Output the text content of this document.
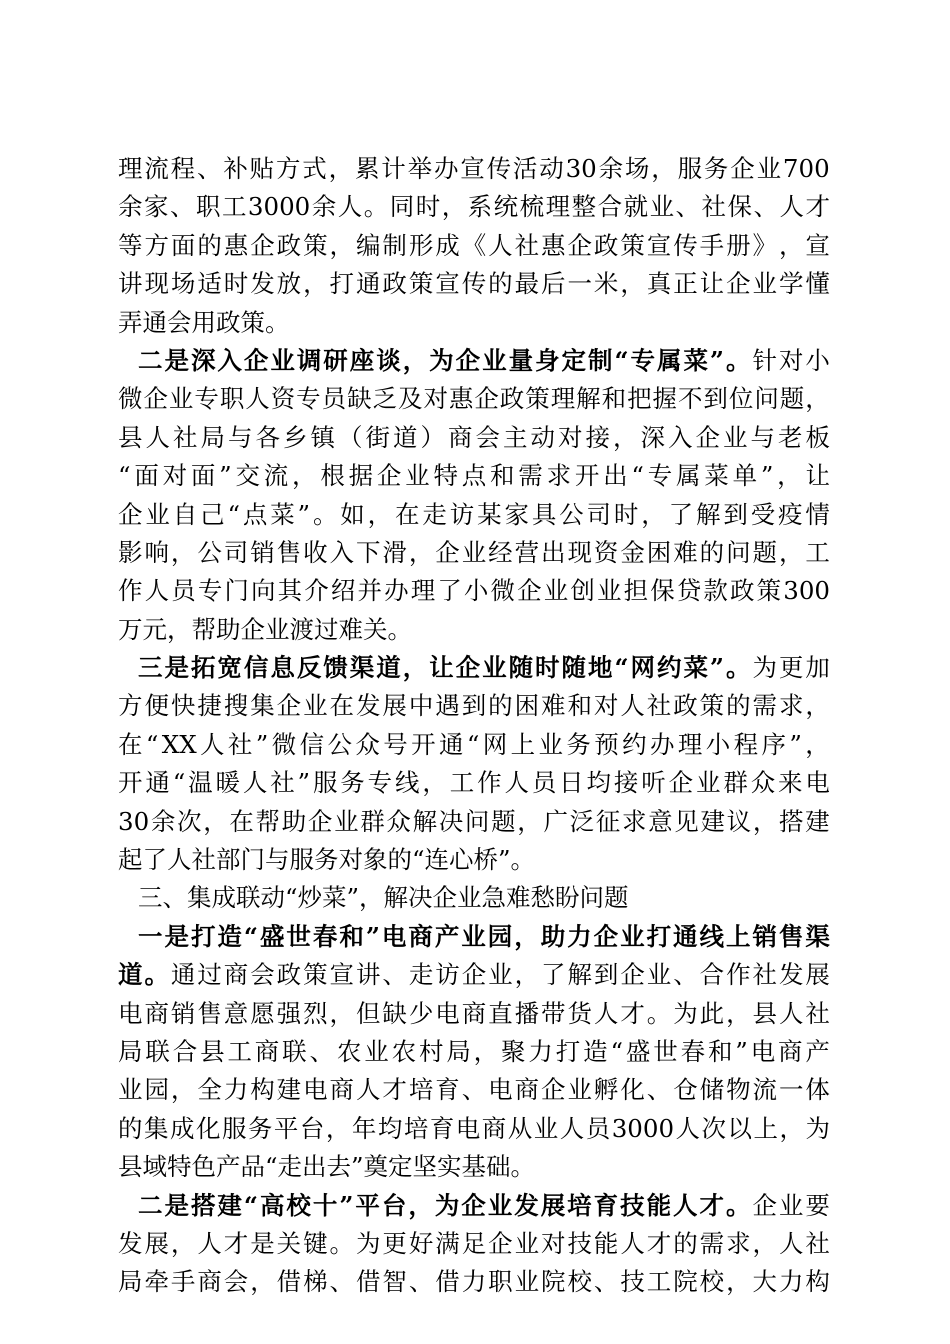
理 流 程 、 补 贴 方 式 ， 累 计 举 办 宣 传 活 动 30 余 场 ， 服 务 企 业 700
余 家 、 职 工 3000 余 人 。 同 时 ， 系 统 梳 理 整 合 就 业 、 社 保 、 人 才
等 方 面 的 惠 企 政 策 ， 编 制 形 成 《 人 社 惠 企 政 策 宣 传 手 册 》 ， 宣
讲 现 场 适 时 发 放 ， 打 通 政 策 宣 传 的 最 后 一 米 ， 真 正 让 企 业 学 懂
弄通会用政策。
二 是 深 入 企 业 调 研 座 谈 ， 为 企 业 量 身 定 制 “ 专 属 菜 ” 。 针 对 小
微 企 业 专 职 人 资 专 员 缺 乏 及 对 惠 企 政 策 理 解 和 把 握 不 到 位 问 题 ，
县 人 社 局 与 各 乡 镇 （ 街 道 ） 商 会 主 动 对 接 ， 深 入 企 业 与 老 板
“ 面 对 面 ” 交 流 ， 根 据 企 业 特 点 和 需 求 开 出 “ 专 属 菜 单 ” ， 让
企 业 自 己 “ 点 菜 ” 。 如 ， 在 走 访 某 家 具 公 司 时 ， 了 解 到 受 疫 情
影 响 ， 公 司 销 售 收 入 下 滑 ， 企 业 经 营 出 现 资 金 困 难 的 问 题 ， 工
作 人 员 专 门 向 其 介 绍 并 办 理 了 小 微 企 业 创 业 担 保 贷 款 政 策 300
万元，帮助企业渡过难关。
三 是 拓 宽 信 息 反 馈 渠 道 ， 让 企 业 随 时 随 地 “ 网 约 菜 ” 。 为 更 加
方 便 快 捷 搜 集 企 业 在 发 展 中 遇 到 的 困 难 和 对 人 社 政 策 的 需 求 ，
在 “ XX 人 社 ” 微 信 公 众 号 开 通 “ 网 上 业 务 预 约 办 理 小 程 序 ” ，
开 通 “ 温 暖 人 社 ” 服 务 专 线 ， 工 作 人 员 日 均 接 听 企 业 群 众 来 电
30 余 次 ， 在 帮 助 企 业 群 众 解 决 问 题 ， 广 泛 征 求 意 见 建 议 ， 搭 建
起了人社部门与服务对象的“连心桥”。
三、集成联动“炒菜”，解决企业急难愁盼问题
一 是 打 造 “ 盛 世 春 和 ” 电 商 产 业 园 ， 助 力 企 业 打 通 线 上 销 售 渠
道 。 通 过 商 会 政 策 宣 讲 、 走 访 企 业 ， 了 解 到 企 业 、 合 作 社 发 展
电 商 销 售 意 愿 强 烈 ， 但 缺 少 电 商 直 播 带 货 人 才 。 为 此 ， 县 人 社
局 联 合 县 工 商 联 、 农 业 农 村 局 ， 聚 力 打 造 “ 盛 世 春 和 ” 电 商 产
业 园 ， 全 力 构 建 电 商 人 才 培 育 、 电 商 企 业 孵 化 、 仓 储 物 流 一 体
的 集 成 化 服 务 平 台 ， 年 均 培 育 电 商 从 业 人 员 3000 人 次 以 上 ， 为
县域特色产品“走出去”奠定坚实基础。
二 是 搭 建 “ 高 校 十 ” 平 台 ， 为 企 业 发 展 培 育 技 能 人 才 。 企 业 要
发 展 ， 人 才 是 关 键 。 为 更 好 满 足 企 业 对 技 能 人 才 的 需 求 ， 人 社
局 牵 手 商 会 ， 借 梯 、 借 智 、 借 力 职 业 院 校 、 技 工 院 校 ， 大 力 构
